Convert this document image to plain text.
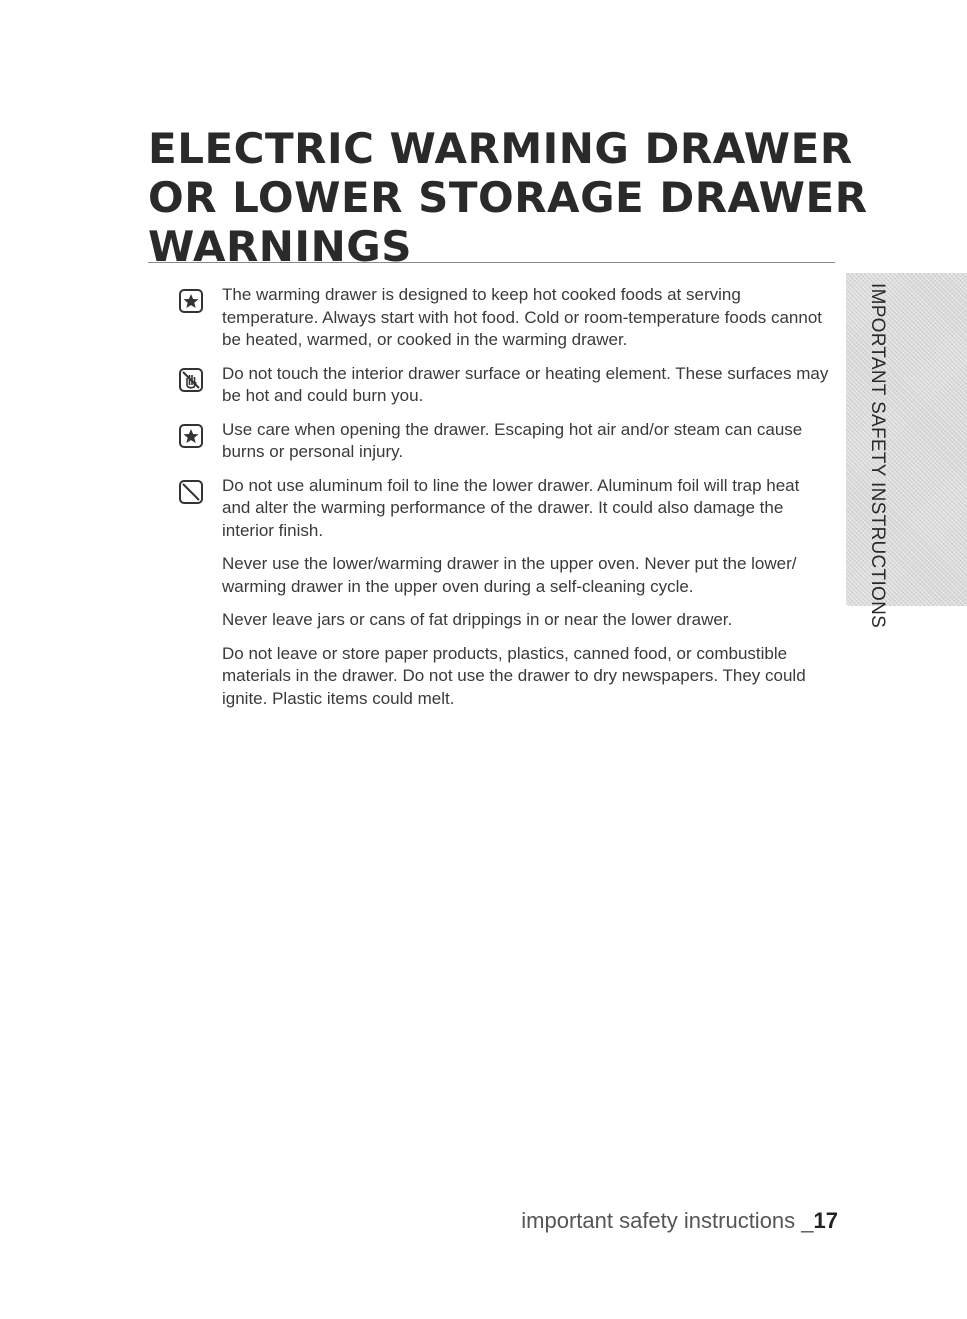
ELECTRIC WARMING DRAWER
OR LOWER STORAGE DRAWER
WARNINGS
IMPORTANT SAFETY INSTRUCTIONS
The warming drawer is designed to keep hot cooked foods at serving temperature. Always start with hot food. Cold or room-temperature foods cannot be heated, warmed, or cooked in the warming drawer.
Do not touch the interior drawer surface or heating element. These surfaces may be hot and could burn you.
Use care when opening the drawer. Escaping hot air and/or steam can cause burns or personal injury.
Do not use aluminum foil to line the lower drawer. Aluminum foil will trap heat and alter the warming performance of the drawer. It could also damage the interior finish.
Never use the lower/warming drawer in the upper oven. Never put the lower/ warming drawer in the upper oven during a self-cleaning cycle.
Never leave jars or cans of fat drippings in or near the lower drawer.
Do not leave or store paper products, plastics, canned food, or combustible materials in the drawer. Do not use the drawer to dry newspapers. They could ignite. Plastic items could melt.
important safety instructions _17
